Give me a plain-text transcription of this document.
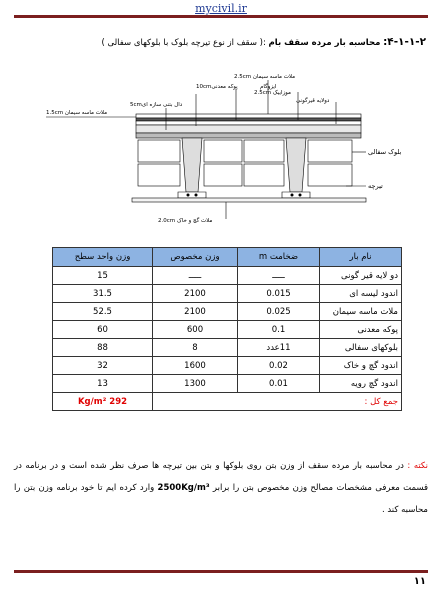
mycivil.ir
۴-۱-۱-۲: محاسبه بار مرده سقف بام :( سقف از نوع تیرچه بلوک با بلوکهای سفالی )
ملات ماسه سیمان 2.5cm
ایزوگام
پوکه معدنی10cm
موزاییک 2.5cm
دولایه قیرگونی
دال بتنی سازه ای5cm
ملات ماسه سیمان 1.5cm
بلوک سفالی
تیرچه
ملات گچ و خاک 2.0cm
نام بار	ضخامت m	وزن مخصوص	وزن واحد سطح
دو لایه قیر گونی	ـــــ	ـــــ	15
اندود لیسه ای	0.015	2100	31.5
ملات ماسه سیمان	0.025	2100	52.5
پوکه معدنی	0.1	600	60
بلوکهای سفالی	11عدد	8	88
اندود گچ و خاک	0.02	1600	32
اندود گچ رویه	0.01	1300	13
جمع کل :			292 Kg/m²
نکته : در محاسبه بار مرده سقف از وزن بتن روی بلوکها و بتن بین تیرچه ها صرف نظر شده است و در برنامه در قسمت معرفی مشخصات مصالح وزن مخصوص بتن را برابر 2500Kg/m³ وارد کرده ایم تا خود برنامه وزن بتن را محاسبه کند .
۱۱
